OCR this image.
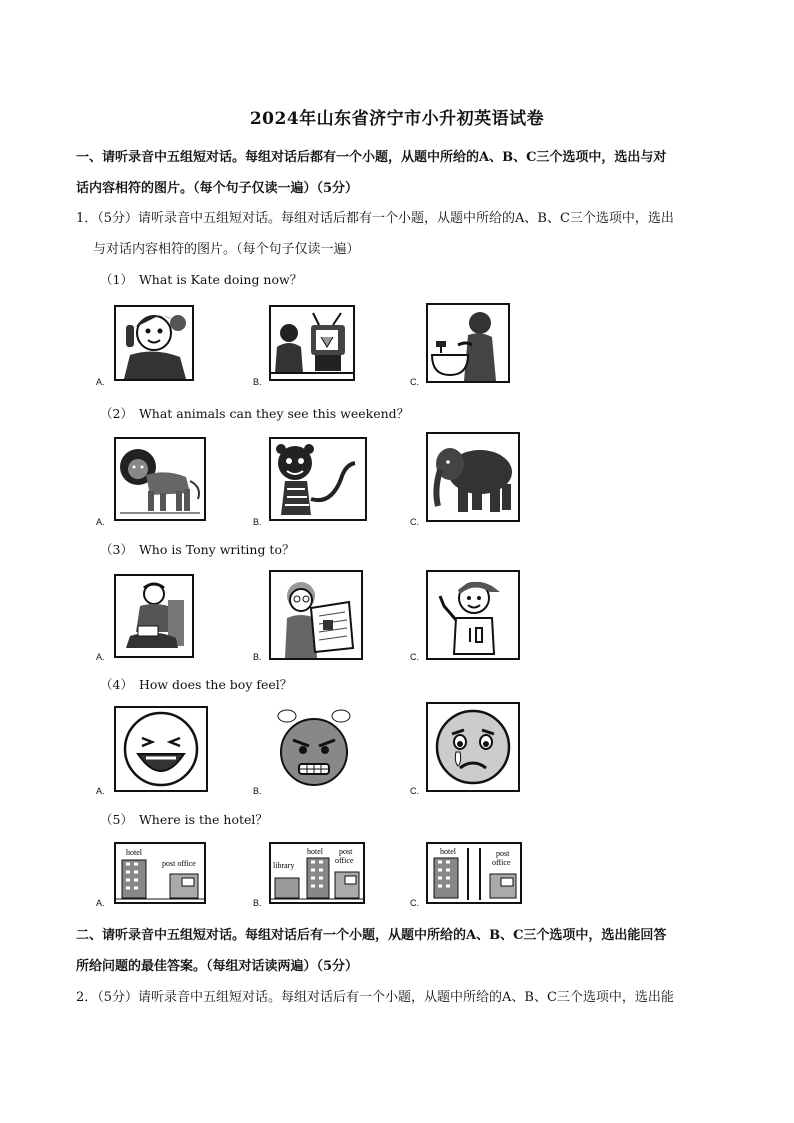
2024年山东省济宁市小升初英语试卷
一、请听录音中五组短对话。每组对话后都有一个小题，从题中所给的A、B、C三个选项中，选出与对
话内容相符的图片。（每个句子仅读一遍）（5分）
1．（5分）请听录音中五组短对话。每组对话后都有一个小题，从题中所给的A、B、C三个选项中，选出
与对话内容相符的图片。（每个句子仅读一遍）
（1） What is Kate doing now？
A.	B.	C.
（2） What animals can they see this weekend？
A.	B.	C.
（3） Who is Tony writing to？
A.	B.	C.
（4） How does the boy feel？
A.	B.	C.
（5） Where is the hotel？
A.
hotel
post office
B.
library
hotel post
office
C.
hotel	post
office
二、请听录音中五组短对话。每组对话后有一个小题，从题中所给的A、B、C三个选项中，选出能回答
所给问题的最佳答案。（每组对话读两遍）（5分）
2．（5分）请听录音中五组短对话。每组对话后有一个小题，从题中所给的A、B、C三个选项中，选出能
